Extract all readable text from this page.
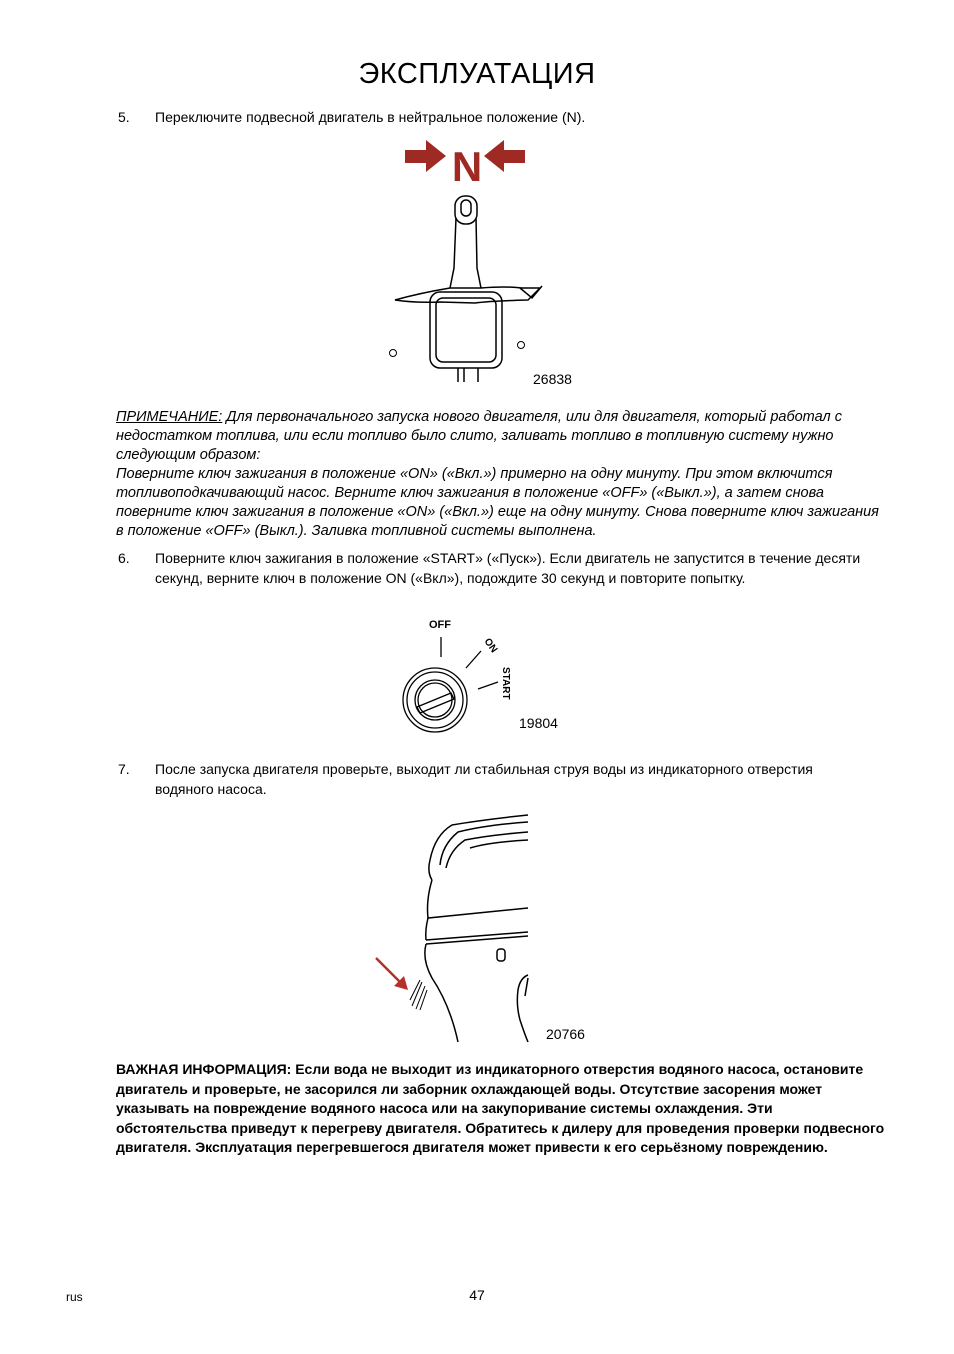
ЭКСПЛУАТАЦИЯ
5. Переключите подвесной двигатель в нейтральное положение (N).
N
26838

ПРИМЕЧАНИЕ: Для первоначального запуска нового двигателя, или для двигателя, который работал с недостатком топлива, или если топливо было слито, заливать топливо в топливную систему нужно следующим образом:

Поверните ключ зажигания в положение «ON» («Вкл.») примерно на одну минуту. При этом включится топливоподкачивающий насос. Верните ключ зажигания в положение «OFF» («Выкл.»), а затем снова поверните ключ зажигания в положение «ON» («Вкл.») еще на одну минуту. Снова поверните ключ зажигания в положение «OFF» (Выкл.). Заливка топливной системы выполнена.

6. Поверните ключ зажигания в положение «START» («Пуск»). Если двигатель не запустится в течение десяти секунд, верните ключ в положение ON («Вкл»), подождите 30 секунд и повторите попытку.
OFF
ON
START
19804
7. После запуска двигателя проверьте, выходит ли стабильная струя воды из индикаторного отверстия водяного насоса.
20766
ВАЖНАЯ ИНФОРМАЦИЯ: Если вода не выходит из индикаторного отверстия водяного насоса, остановите двигатель и проверьте, не засорился ли заборник охлаждающей воды. Отсутствие засорения может указывать на повреждение водяного насоса или на закупоривание системы охлаждения. Эти обстоятельства приведут к перегреву двигателя. Обратитесь к дилеру для проведения проверки подвесного двигателя. Эксплуатация перегревшегося двигателя может привести к его серьёзному повреждению.
rus	47
